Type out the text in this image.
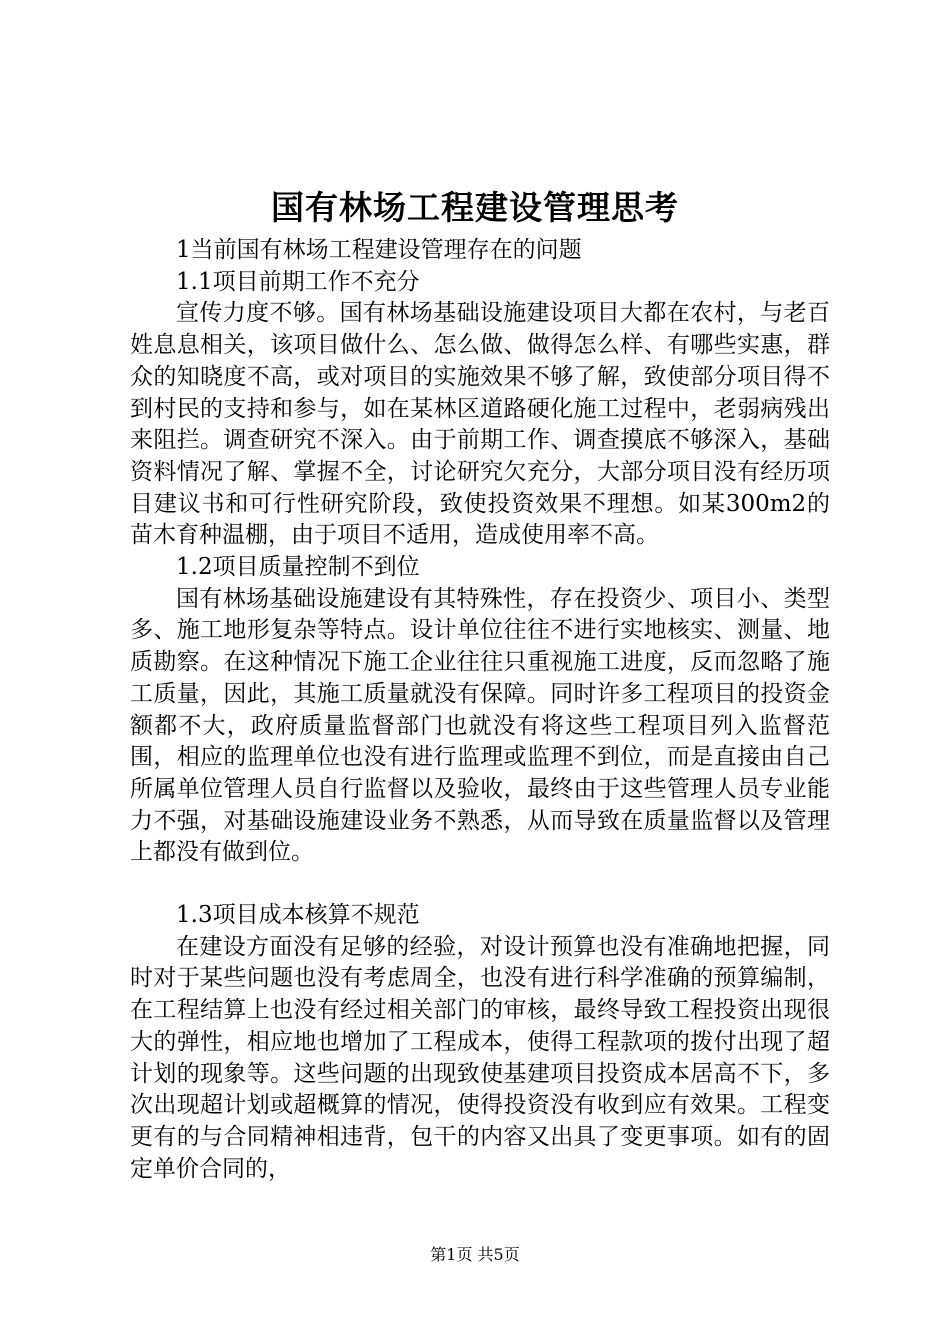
国有林场工程建设管理思考

1当前国有林场工程建设管理存在的问题

1.1项目前期工作不充分

宣传力度不够。国有林场基础设施建设项目大都在农村，与老百姓息息相关，该项目做什么、怎么做、做得怎么样、有哪些实惠，群众的知晓度不高，或对项目的实施效果不够了解，致使部分项目得不到村民的支持和参与，如在某林区道路硬化施工过程中，老弱病残出来阻拦。调查研究不深入。由于前期工作、调查摸底不够深入，基础资料情况了解、掌握不全，讨论研究欠充分，大部分项目没有经历项目建议书和可行性研究阶段，致使投资效果不理想。如某300m2的苗木育种温棚，由于项目不适用，造成使用率不高。

1.2项目质量控制不到位

国有林场基础设施建设有其特殊性，存在投资少、项目小、类型多、施工地形复杂等特点。设计单位往往不进行实地核实、测量、地质勘察。在这种情况下施工企业往往只重视施工进度，反而忽略了施工质量，因此，其施工质量就没有保障。同时许多工程项目的投资金额都不大，政府质量监督部门也就没有将这些工程项目列入监督范围，相应的监理单位也没有进行监理或监理不到位，而是直接由自己所属单位管理人员自行监督以及验收，最终由于这些管理人员专业能力不强，对基础设施建设业务不熟悉，从而导致在质量监督以及管理上都没有做到位。

1.3项目成本核算不规范

在建设方面没有足够的经验，对设计预算也没有准确地把握，同时对于某些问题也没有考虑周全，也没有进行科学准确的预算编制，在工程结算上也没有经过相关部门的审核，最终导致工程投资出现很大的弹性，相应地也增加了工程成本，使得工程款项的拨付出现了超计划的现象等。这些问题的出现致使基建项目投资成本居高不下，多次出现超计划或超概算的情况，使得投资没有收到应有效果。工程变更有的与合同精神相违背，包干的内容又出具了变更事项。如有的固定单价合同的，

第1页 共5页
